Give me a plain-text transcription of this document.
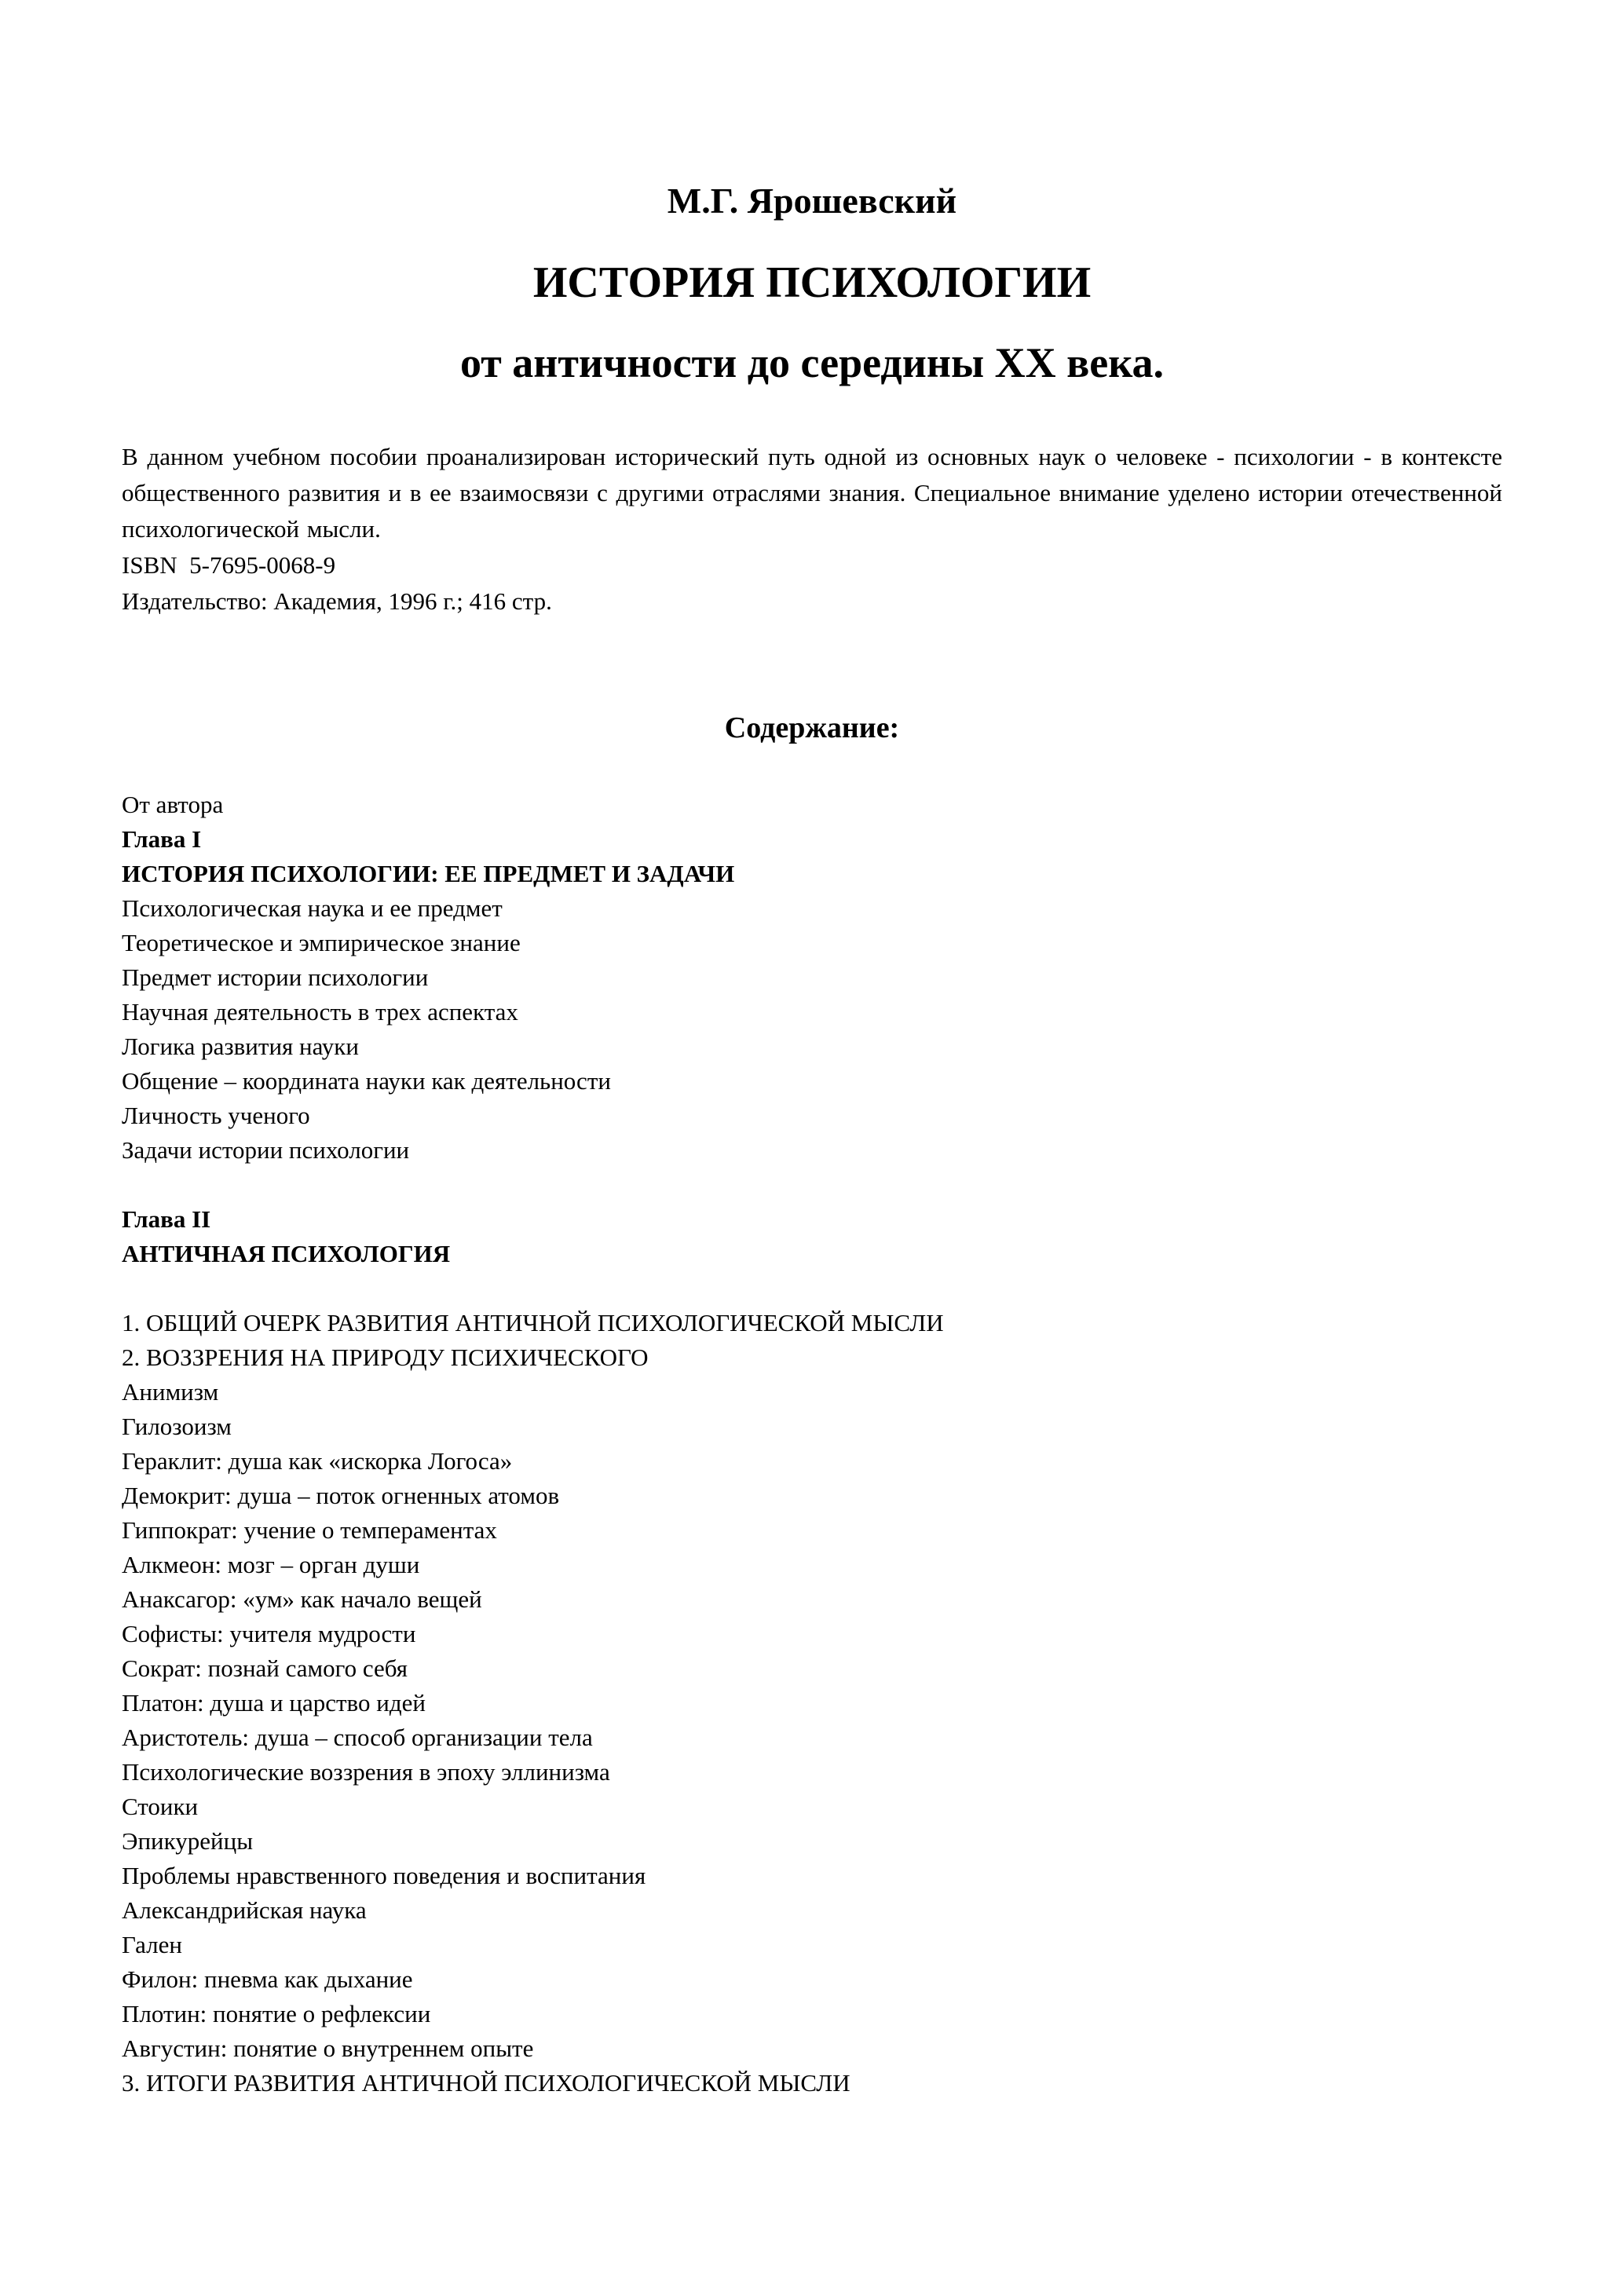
М.Г. Ярошевский
ИСТОРИЯ ПСИХОЛОГИИ
от античности до середины XX века.
В данном учебном пособии проанализирован исторический путь одной из основных наук о человеке - психологии - в контексте общественного развития и в ее взаимосвязи с другими отраслями знания. Специальное внимание уделено истории отечественной психологической мысли.
ISBN  5-7695-0068-9
Издательство: Академия, 1996 г.; 416 стр.
Содержание:
От автора
Глава I
ИСТОРИЯ ПСИХОЛОГИИ: ЕЕ ПРЕДМЕТ И ЗАДАЧИ
Психологическая наука и ее предмет
Теоретическое и эмпирическое знание
Предмет истории психологии
Научная деятельность в трех аспектах
Логика развития науки
Общение – координата науки как деятельности
Личность ученого
Задачи истории психологии
Глава II
АНТИЧНАЯ ПСИХОЛОГИЯ
1. ОБЩИЙ ОЧЕРК РАЗВИТИЯ АНТИЧНОЙ ПСИХОЛОГИЧЕСКОЙ МЫСЛИ
2. ВОЗЗРЕНИЯ НА ПРИРОДУ ПСИХИЧЕСКОГО
Анимизм
Гилозоизм
Гераклит: душа как «искорка Логоса»
Демокрит: душа – поток огненных атомов
Гиппократ: учение о темпераментах
Алкмеон: мозг – орган души
Анаксагор: «ум» как начало вещей
Софисты: учителя мудрости
Сократ: познай самого себя
Платон: душа и царство идей
Аристотель: душа – способ организации тела
Психологические воззрения в эпоху эллинизма
Стоики
Эпикурейцы
Проблемы нравственного поведения и воспитания
Александрийская наука
Гален
Филон: пневма как дыхание
Плотин: понятие о рефлексии
Августин: понятие о внутреннем опыте
3. ИТОГИ РАЗВИТИЯ АНТИЧНОЙ ПСИХОЛОГИЧЕСКОЙ МЫСЛИ
